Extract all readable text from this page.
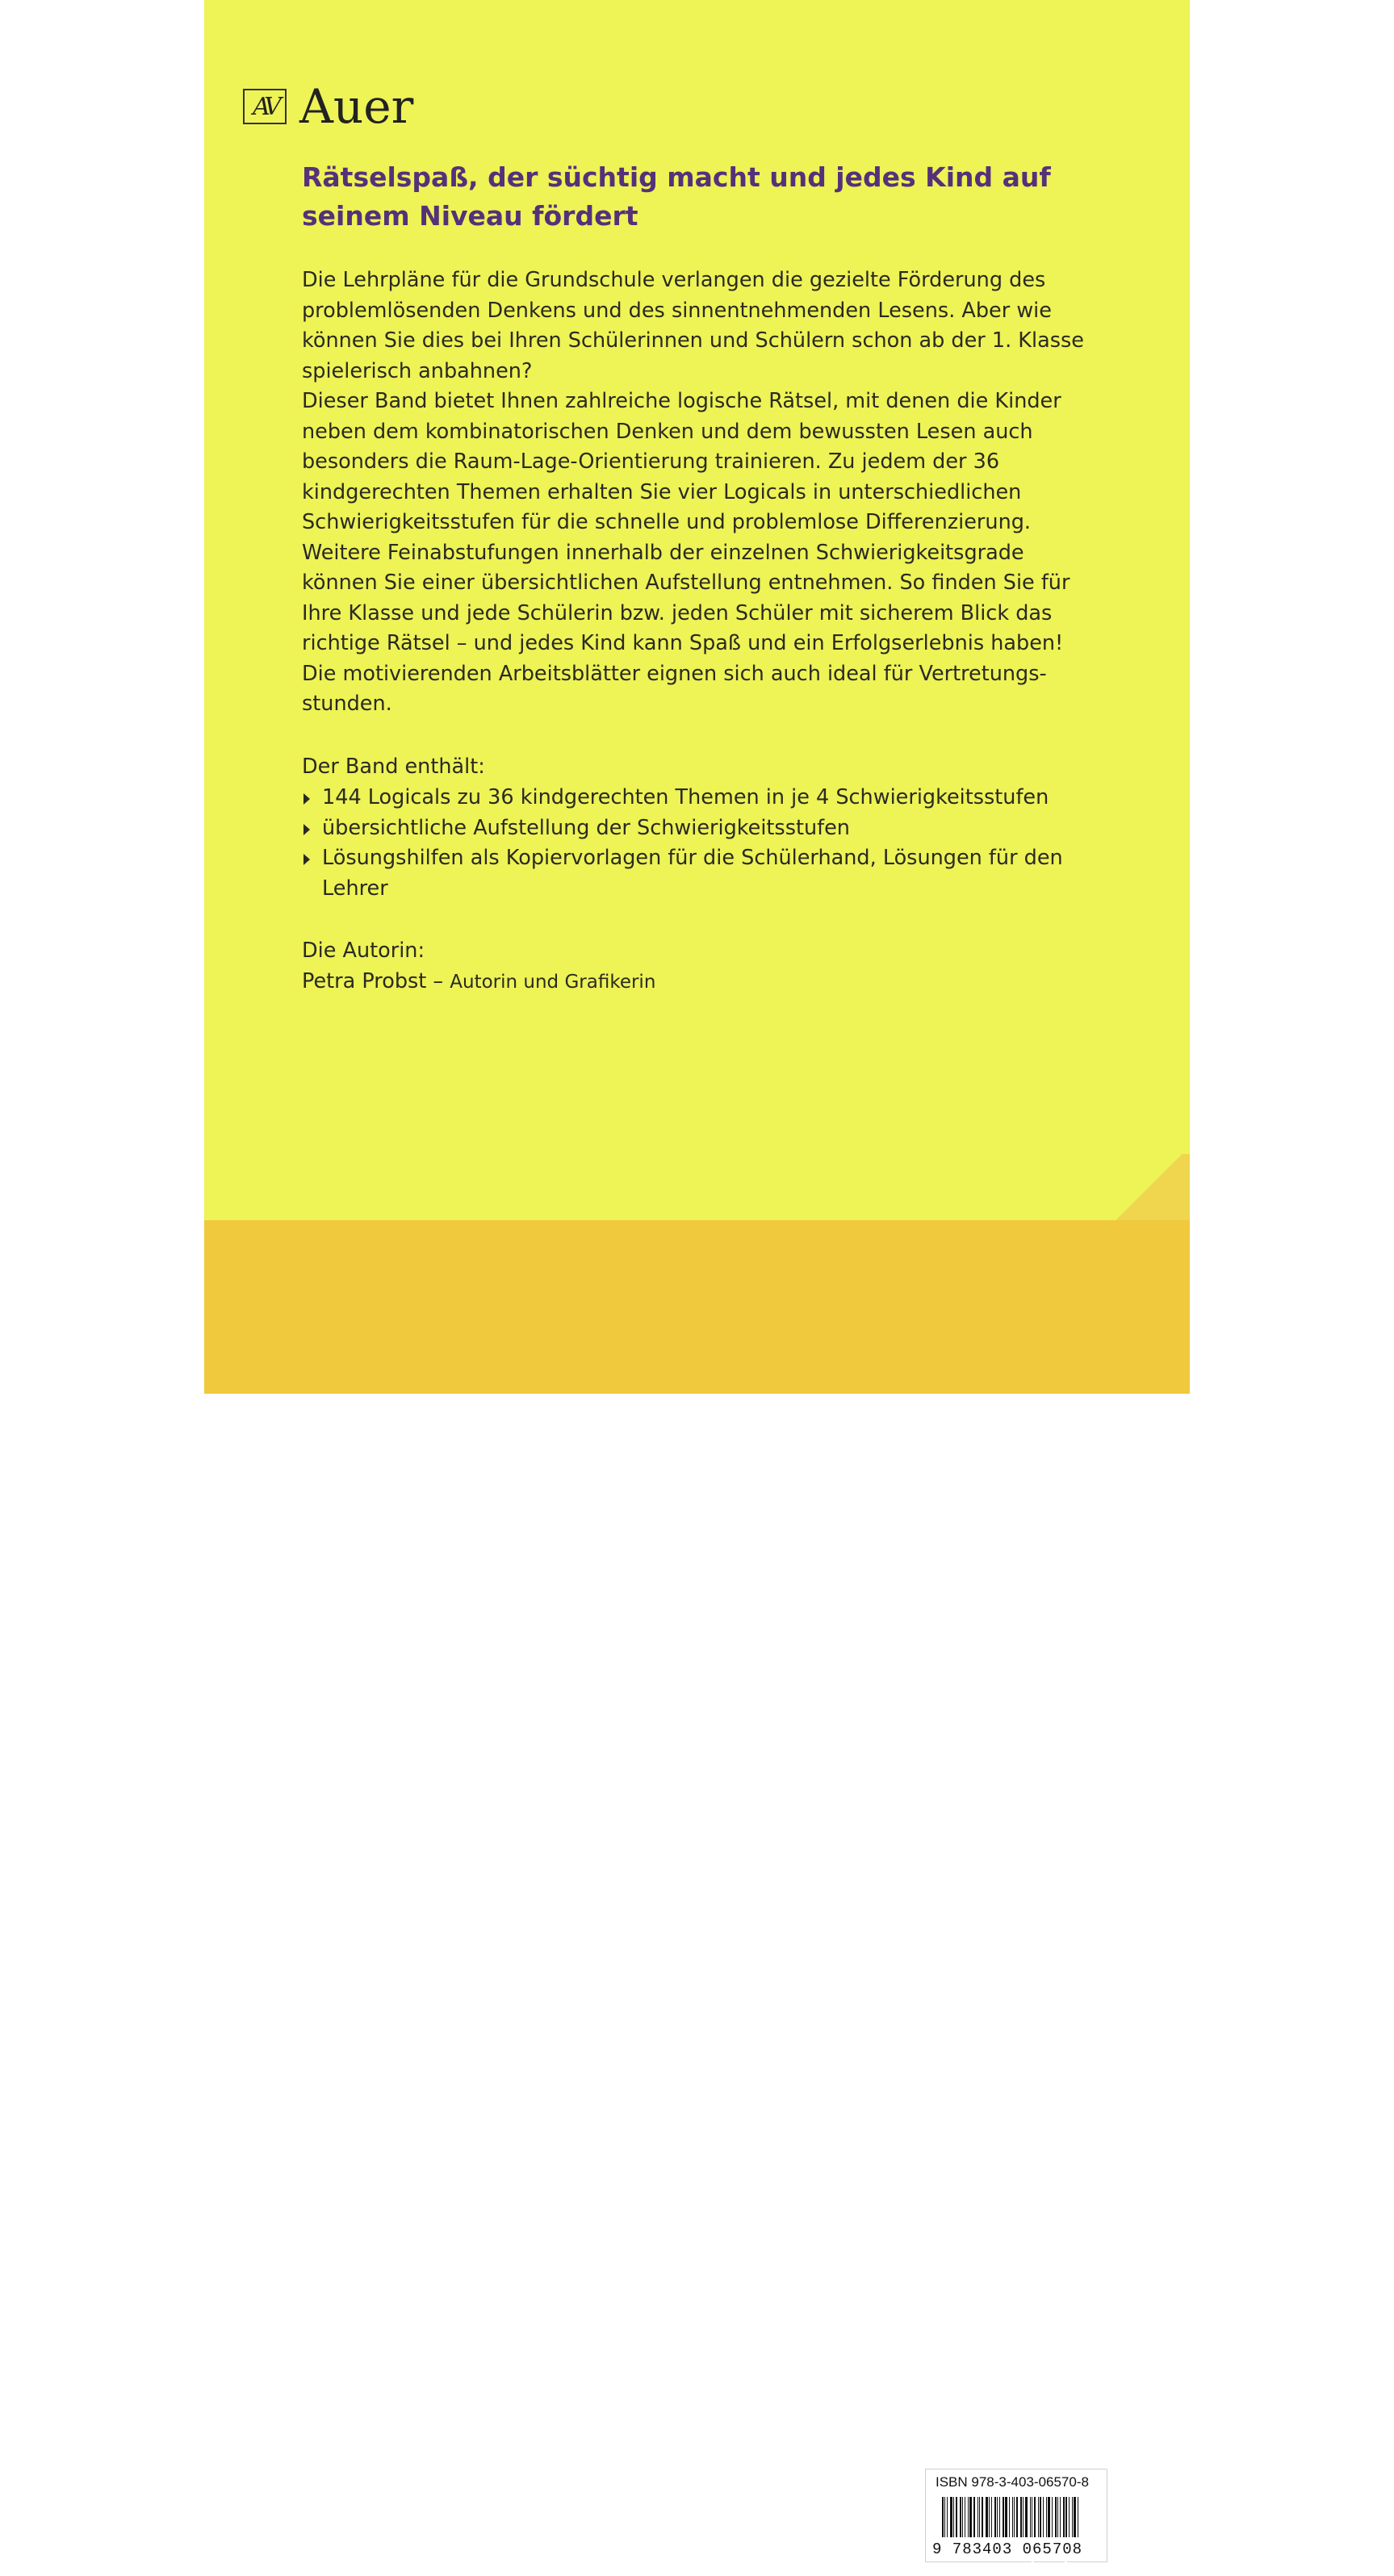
Auer macht Schule
ISBN 978-3-403-06570-8
9 783403 065708
www.auer-verlag.de
AV Auer
Rätselspaß, der süchtig macht und jedes Kind auf seinem Niveau fördert

Die Lehrpläne für die Grundschule verlangen die gezielte Förderung des

problemlösenden Denkens und des sinnentnehmenden Lesens. Aber wie

können Sie dies bei Ihren Schülerinnen und Schülern schon ab der 1. Klasse

spielerisch anbahnen?

Dieser Band bietet Ihnen zahlreiche logische Rätsel, mit denen die Kinder

neben dem kombinatorischen Denken und dem bewussten Lesen auch

besonders die Raum-Lage-Orientierung trainieren. Zu jedem der 36

kindgerechten Themen erhalten Sie vier Logicals in unterschiedlichen

Schwierigkeitsstufen für die schnelle und problemlose Differenzierung.

Weitere Feinabstufungen innerhalb der einzelnen Schwierigkeitsgrade

können Sie einer übersichtlichen Aufstellung entnehmen. So finden Sie für

Ihre Klasse und jede Schülerin bzw. jeden Schüler mit sicherem Blick das

richtige Rätsel – und jedes Kind kann Spaß und ein Erfolgserlebnis haben!

Die motivierenden Arbeitsblätter eignen sich auch ideal für Vertretungs-

stunden.

Der Band enthält:
144 Logicals zu 36 kindgerechten Themen in je 4 Schwierigkeitsstufen
übersichtliche Aufstellung der Schwierigkeitsstufen
Lösungshilfen als Kopiervorlagen für die Schülerhand, Lösungen für den Lehrer
Die Autorin:
Petra Probst – Autorin und Grafikerin
